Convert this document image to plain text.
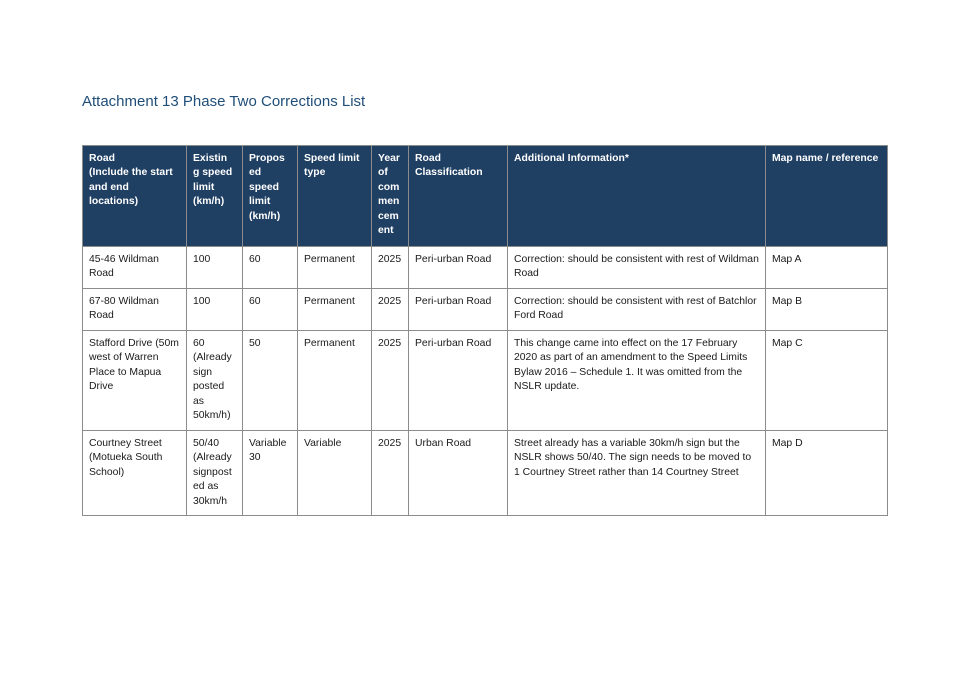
Attachment 13 Phase Two Corrections List
Road
(Include the start and end locations)	Existin g speed limit (km/h)	Propos ed speed limit (km/h)	Speed limit type	Year of com men cem ent	Road Classification	Additional Information*	Map name / reference
45-46 Wildman Road	100	60	Permanent	2025	Peri-urban Road	Correction: should be consistent with rest of Wildman Road	Map A
67-80 Wildman Road	100	60	Permanent	2025	Peri-urban Road	Correction: should be consistent with rest of Batchlor Ford Road	Map B
Stafford Drive (50m west of Warren Place to Mapua Drive	60 (Already sign posted as 50km/h)	50	Permanent	2025	Peri-urban Road	This change came into effect on the 17 February 2020 as part of an amendment to the Speed Limits Bylaw 2016 – Schedule 1. It was omitted from the NSLR update.	Map C
Courtney Street (Motueka South School)	50/40 (Already signpost ed as 30km/h	Variable 30	Variable	2025	Urban Road	Street already has a variable 30km/h sign but the NSLR shows 50/40. The sign needs to be moved to 1 Courtney Street rather than 14 Courtney Street	Map D
